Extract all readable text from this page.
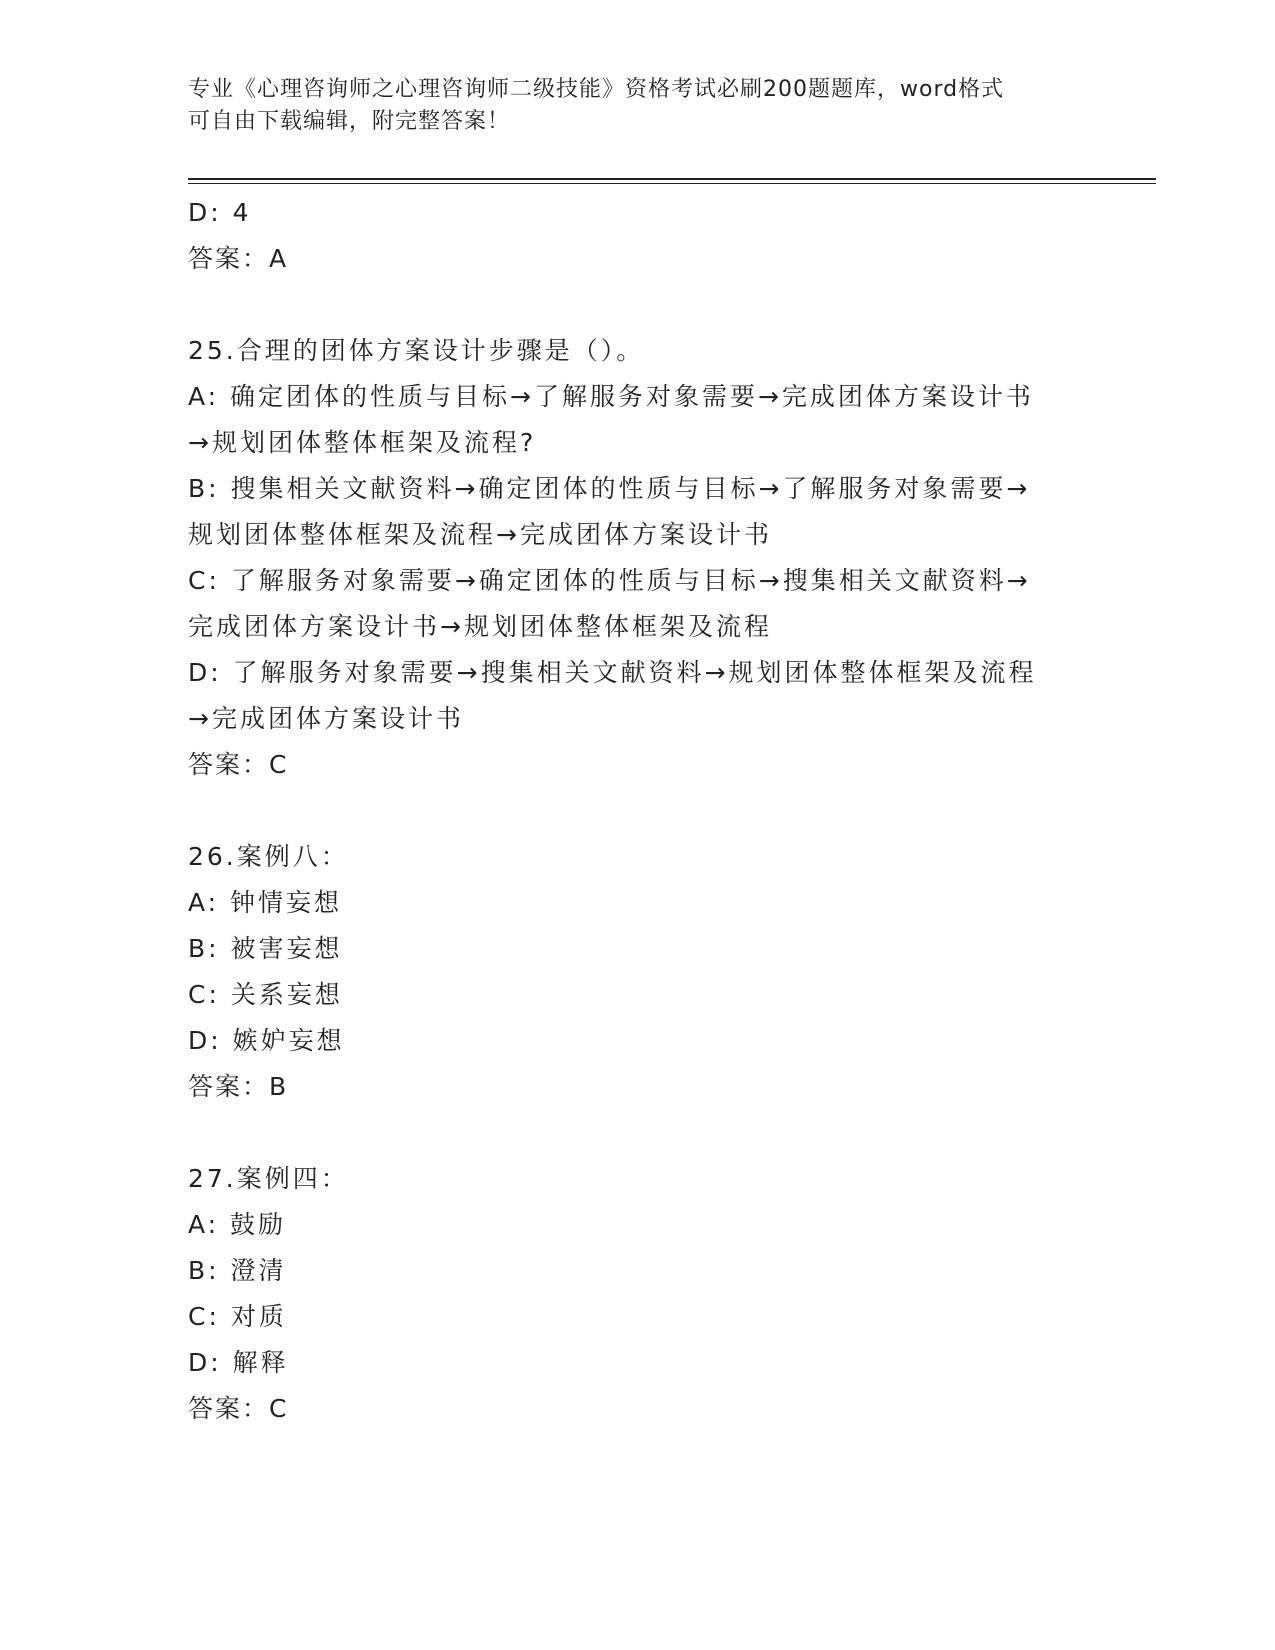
专业《心理咨询师之心理咨询师二级技能》资格考试必刷200题题库，word格式
可自由下载编辑，附完整答案！
D: 4
答案：A
25.合理的团体方案设计步骤是（）。
A: 确定团体的性质与目标→了解服务对象需要→完成团体方案设计书
→规划团体整体框架及流程?
B: 搜集相关文献资料→确定团体的性质与目标→了解服务对象需要→
规划团体整体框架及流程→完成团体方案设计书
C: 了解服务对象需要→确定团体的性质与目标→搜集相关文献资料→
完成团体方案设计书→规划团体整体框架及流程
D: 了解服务对象需要→搜集相关文献资料→规划团体整体框架及流程
→完成团体方案设计书
答案：C
26.案例八：
A: 钟情妄想
B: 被害妄想
C: 关系妄想
D: 嫉妒妄想
答案：B
27.案例四：
A: 鼓励
B: 澄清
C: 对质
D: 解释
答案：C
